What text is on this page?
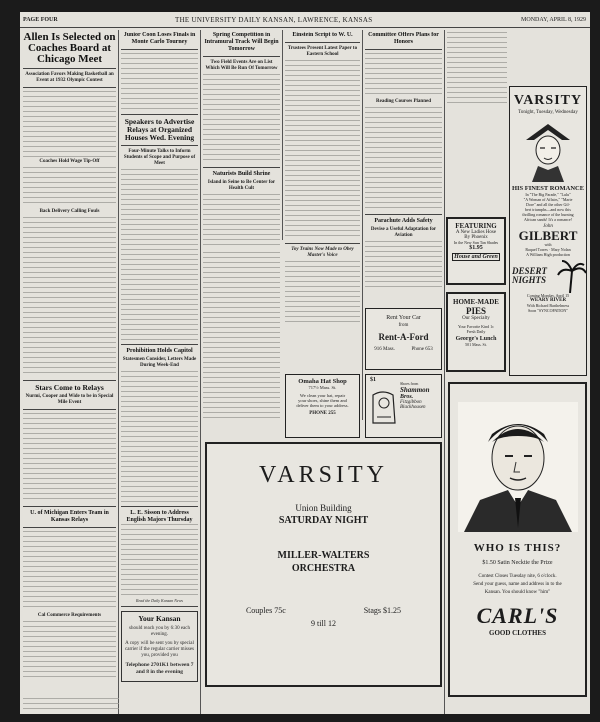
PAGE FOUR	THE UNIVERSITY DAILY KANSAN, LAWRENCE, KANSAS	MONDAY, APRIL 8, 1929
Allen Is Selected on Coaches Board at Chicago Meet
Association Favors Making Basketball an Event at 1932 Olympic Contest
Coaches Hold Wage Tip-Off
Back Delivery Calling Fouls
Stars Come to Relays
Nurmi, Cooper and Wide to be in Special Mile Event
U. of Michigan Enters Team in Kansas Relays
Cal Commerce Requirements
Junior Coon Loses Finals in Monte Carlo Tourney
Speakers to Advertise Relays at Organized Houses Wed. Evening
Four-Minute Talks to Inform Students of Scope and Purpose of Meet
Prohibition Holds Capitol
Statesmen Consider, Letters Made During Week-End
L. E. Sisson to Address English Majors Thursday
Read the Daily Kansan News
Your Kansan
should reach you by 6:30 each evening.
A copy will be sent you by special carrier if the regular carrier misses you, provided you
Telephone 2701K1 between 7 and 8 in the evening
Spring Competition in Intramural Track Will Begin Tomorrow
Two Field Events Are on List Which Will Be Run Of Tomorrow
Naturists Build Shrine
Island in Seine to Be Center for Health Cult
Einstein Script to W. U.
Trustees Present Latest Paper to Eastern School
Toy Trains Now Made to Obey Master's Voice
Committee Offers Plans for Honors
Reading Courses Planned
Parachute Adds Safety
Devise a Useful Adaptation for Aviation
VARSITY
Tonight, Tuesday, Wednesday
HIS FINEST ROMANCE
In "The Big Parade," "Lulu"
"A Woman of Affairs," "Marie
Dore" and all the other Gil-
bert triumphs—and now this
thrilling romance of the burning
African sands! It's a romance!
John
GILBERT
with
Raquel Torres · Mary Nolan
A William High production
DESERT NIGHTS
Coming Monday, April 15
WEARY RIVER
With Richard Barthelmess
Soon "SYNCOPATION"
FEATURING
A New Ladies Hose
By Phoenix
In the New Sun Tan Shades
$1.95
House and Green
HOME-MADE
PIES
Our Specialty
Your Favorite Kind 1c
Fresh Daily
George's Lunch
501 Mass. St.
Rent Your Car
from
Rent-A-Ford
916 Mass.	Phone 653
Omaha Hat Shop
717½ Mass. St.
We clean your hat, repair
your shoes, shine them and
deliver them to your address.
PHONE 255
$1
Shoes from
Shammon
Bros.
Fitzgibbon
Blackhousen
VARSITY
Union Building
SATURDAY NIGHT
MILLER-WALTERS
ORCHESTRA
Couples 75c	Stags $1.25
9 till 12
WHO IS THIS?
$1.50 Satin Necktie the Prize
Contest Closes Tuesday nite, 6 o'clock.
Send your guess, name and address in to the
Kansan. You should know "him"
CARL'S
GOOD CLOTHES
